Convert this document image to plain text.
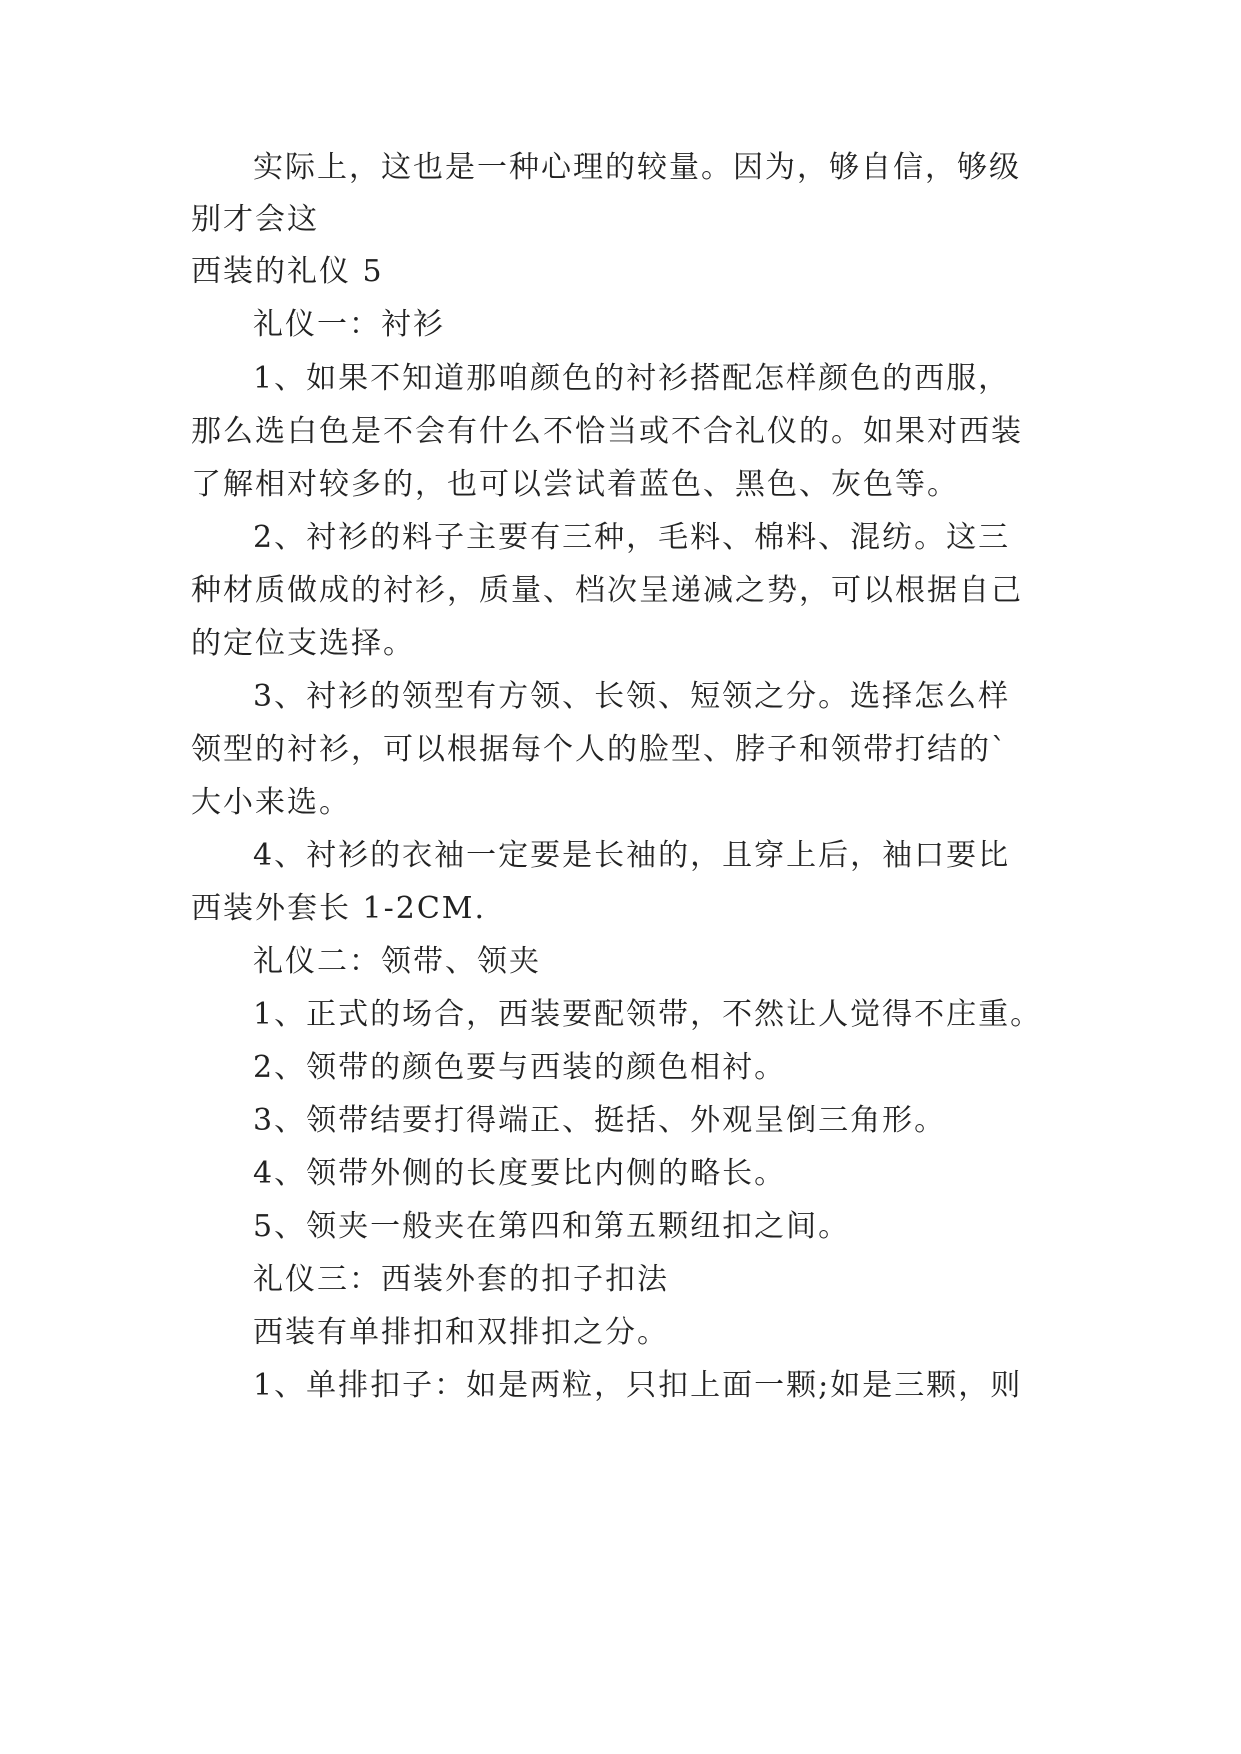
实际上，这也是一种心理的较量。因为，够自信，够级
别才会这
西装的礼仪 5
礼仪一：衬衫
1、如果不知道那咱颜色的衬衫搭配怎样颜色的西服，
那么选白色是不会有什么不恰当或不合礼仪的。如果对西装
了解相对较多的，也可以尝试着蓝色、黑色、灰色等。
2、衬衫的料子主要有三种，毛料、棉料、混纺。这三
种材质做成的衬衫，质量、档次呈递减之势，可以根据自己
的定位支选择。
3、衬衫的领型有方领、长领、短领之分。选择怎么样
领型的衬衫，可以根据每个人的脸型、脖子和领带打结的`
大小来选。
4、衬衫的衣袖一定要是长袖的，且穿上后，袖口要比
西装外套长 1-2CM.
礼仪二：领带、领夹
1、正式的场合，西装要配领带，不然让人觉得不庄重。
2、领带的颜色要与西装的颜色相衬。
3、领带结要打得端正、挺括、外观呈倒三角形。
4、领带外侧的长度要比内侧的略长。
5、领夹一般夹在第四和第五颗纽扣之间。
礼仪三：西装外套的扣子扣法
西装有单排扣和双排扣之分。
1、单排扣子：如是两粒，只扣上面一颗;如是三颗，则
